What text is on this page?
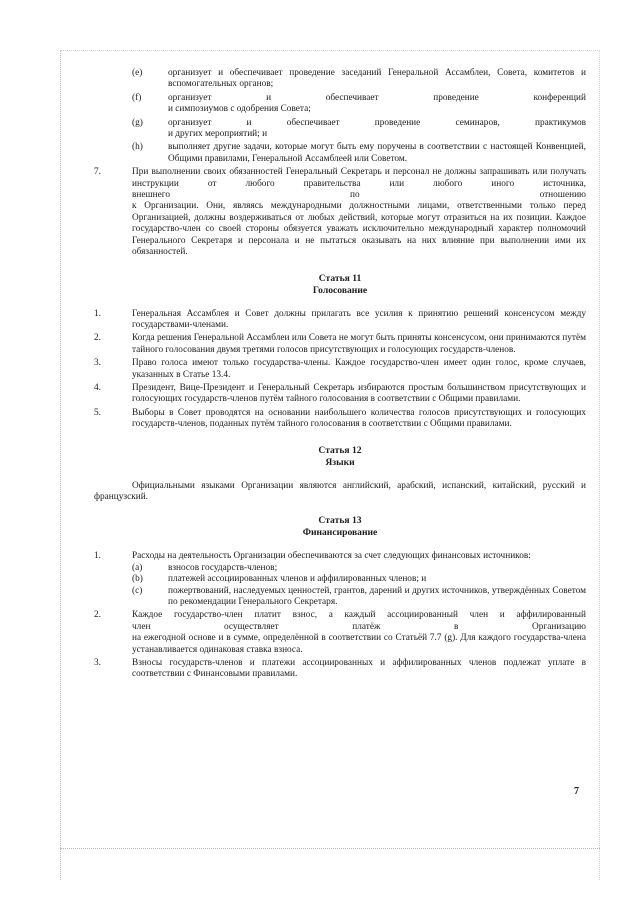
(e)	организует и обеспечивает проведение заседаний Генеральной Ассамблеи, Совета, комитетов и вспомогательных органов;
(f)	организует и обеспечивает проведение конференций
и симпозиумов с одобрения Совета;
(g)	организует и обеспечивает проведение семинаров, практикумов
и других мероприятий; и
(h)	выполняет другие задачи, которые могут быть ему поручены в соответствии с настоящей Конвенцией, Общими правилами, Генеральной Ассамблеей или Советом.
7.	При выполнении своих обязанностей Генеральный Секретарь и персонал не должны запрашивать или получать инструкции от любого правительства или любого иного источника,
внешнего по отношению
к Организации. Они, являясь международными должностными лицами, ответственными только перед Организацией, должны воздерживаться от любых действий, которые могут отразиться на их позиции. Каждое государство-член со своей стороны обязуется уважать исключительно международный характер полномочий Генерального Секретаря и персонала и не пытаться оказывать на них влияние при выполнении ими их обязанностей.
Статья 11
Голосование
1.	Генеральная Ассамблея и Совет должны прилагать все усилия к принятию решений консенсусом между государствами-членами.
2.	Когда решения Генеральной Ассамблеи или Совета не могут быть приняты консенсусом, они принимаются путём тайного голосования двумя третями голосов присутствующих и голосующих государств-членов.
3.	Право голоса имеют только государства-члены. Каждое государство-член имеет один голос, кроме случаев, указанных в Статье 13.4.
4.	Президент, Вице-Президент и Генеральный Секретарь избираются простым большинством присутствующих и голосующих государств-членов путём тайного голосования в соответствии с Общими правилами.
5.	Выборы в Совет проводятся на основании наибольшего количества голосов присутствующих и голосующих государств-членов, поданных путём тайного голосования в соответствии с Общими правилами.
Статья 12
Языки
Официальными языками Организации являются английский, арабский, испанский, китайский, русский и французский.
Статья 13
Финансирование
1.	Расходы на деятельность Организации обеспечиваются за счет следующих финансовых источников:
(a)	взносов государств-членов;
(b)	платежей ассоциированных членов и аффилированных членов; и
(c)	пожертвований, наследуемых ценностей, грантов, дарений и других источников, утверждённых Советом по рекомендации Генерального Секретаря.
2.	Каждое государство-член платит взнос, а каждый ассоциированный член и аффилированный
член осуществляет платёж в Организацию
на ежегодной основе и в сумме, определённой в соответствии со Статьёй 7.7 (g). Для каждого государства-члена устанавливается одинаковая ставка взноса.
3.	Взносы государств-членов и платежи ассоциированных и аффилированных членов подлежат уплате в соответствии с Финансовыми правилами.
7
